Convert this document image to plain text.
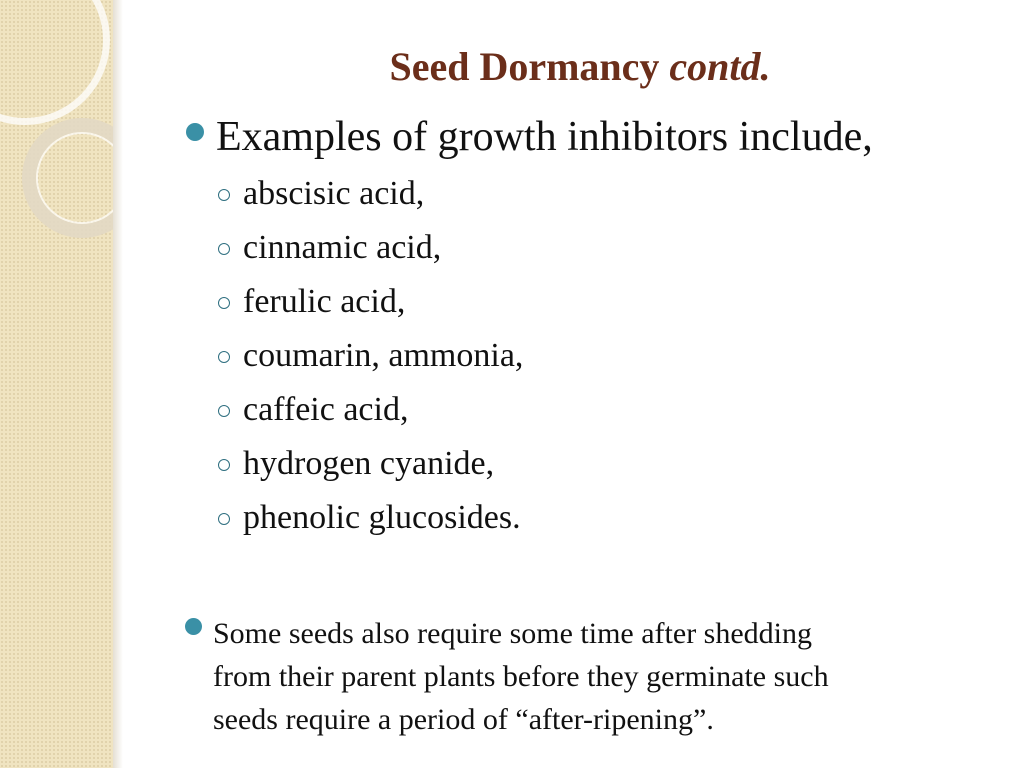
Seed Dormancy contd.
Examples of growth inhibitors include,
abscisic acid,
cinnamic acid,
ferulic acid,
coumarin, ammonia,
caffeic acid,
hydrogen cyanide,
phenolic glucosides.
Some seeds also require some time after shedding
from their parent plants before they germinate such
seeds require a period of “after-ripening”.
